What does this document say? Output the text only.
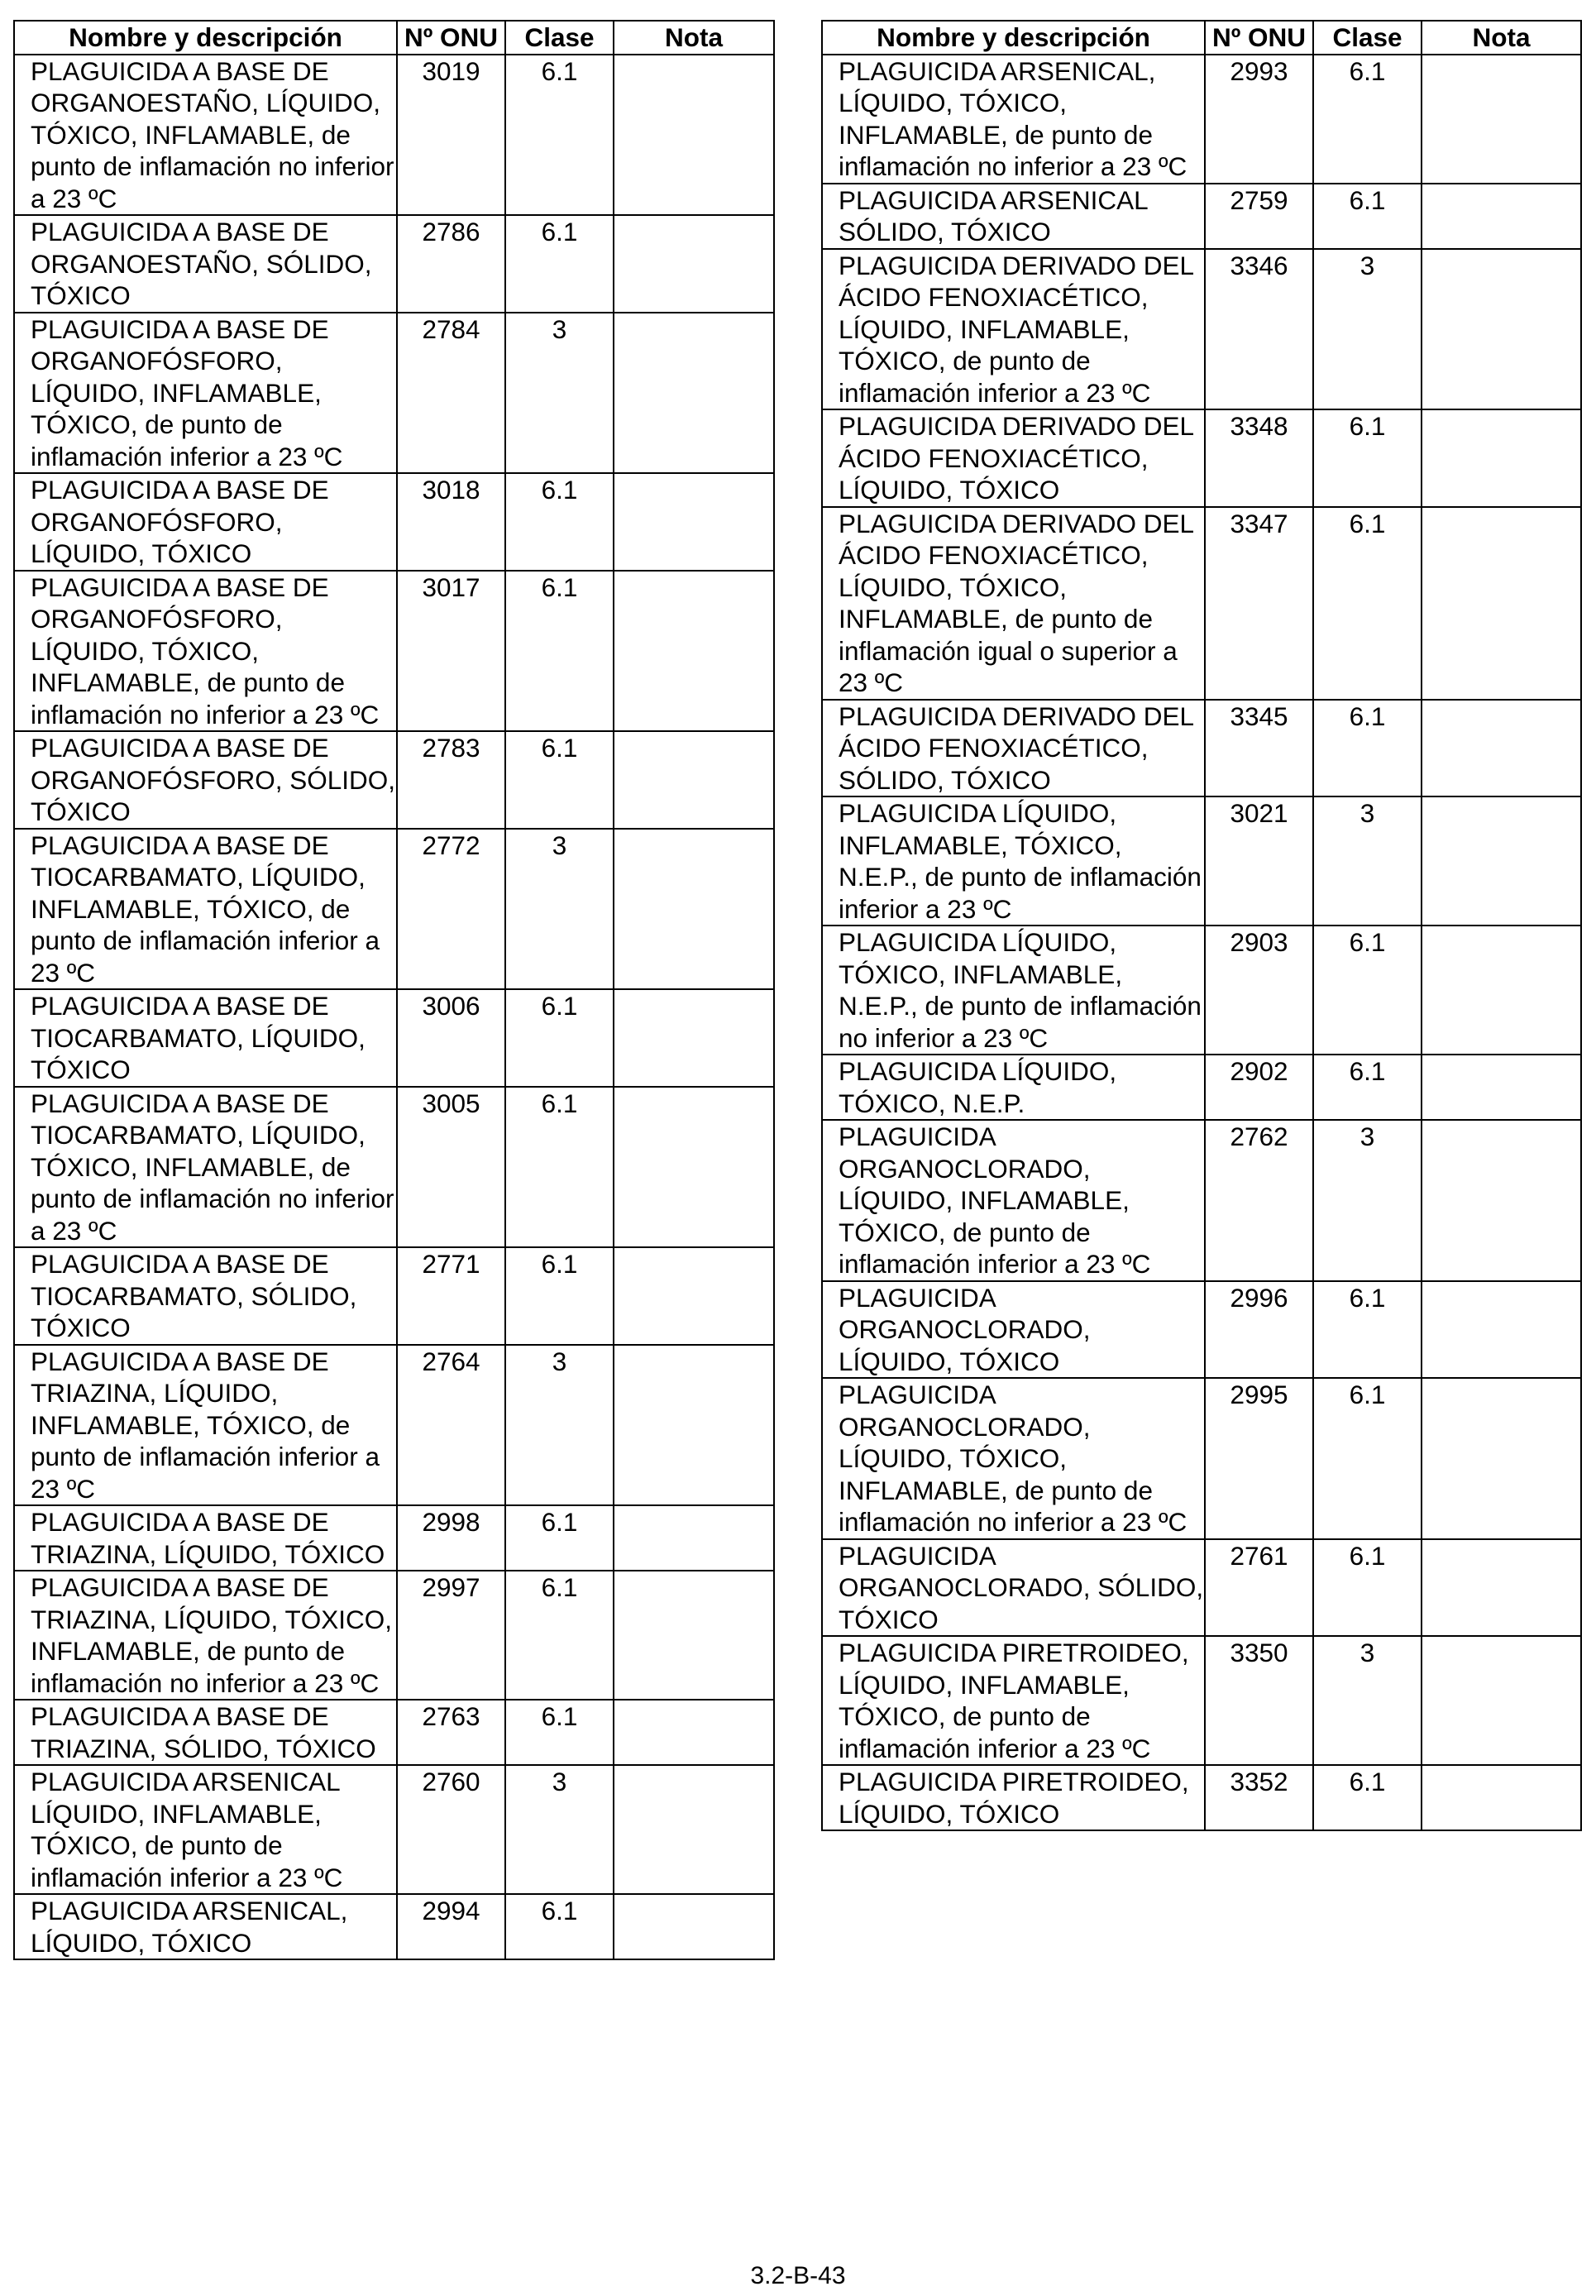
Nombre y descripción	Nº ONU	Clase	Nota
PLAGUICIDA A BASE DE ORGANOESTAÑO, LÍQUIDO, TÓXICO, INFLAMABLE, de punto de inflamación no inferior a 23 ºC	3019	6.1	
PLAGUICIDA A BASE DE ORGANOESTAÑO, SÓLIDO, TÓXICO	2786	6.1	
PLAGUICIDA A BASE DE ORGANOFÓSFORO, LÍQUIDO, INFLAMABLE, TÓXICO, de punto de inflamación inferior a 23 ºC	2784	3	
PLAGUICIDA A BASE DE ORGANOFÓSFORO, LÍQUIDO, TÓXICO	3018	6.1	
PLAGUICIDA A BASE DE ORGANOFÓSFORO, LÍQUIDO, TÓXICO, INFLAMABLE, de punto de inflamación no inferior a 23 ºC	3017	6.1	
PLAGUICIDA A BASE DE ORGANOFÓSFORO, SÓLIDO, TÓXICO	2783	6.1	
PLAGUICIDA A BASE DE TIOCARBAMATO, LÍQUIDO, INFLAMABLE, TÓXICO, de punto de inflamación inferior a 23 ºC	2772	3	
PLAGUICIDA A BASE DE TIOCARBAMATO, LÍQUIDO, TÓXICO	3006	6.1	
PLAGUICIDA A BASE DE TIOCARBAMATO, LÍQUIDO, TÓXICO, INFLAMABLE, de punto de inflamación no inferior a 23 ºC	3005	6.1	
PLAGUICIDA A BASE DE TIOCARBAMATO, SÓLIDO, TÓXICO	2771	6.1	
PLAGUICIDA A BASE DE TRIAZINA, LÍQUIDO, INFLAMABLE, TÓXICO, de punto de inflamación inferior a 23 ºC	2764	3	
PLAGUICIDA A BASE DE TRIAZINA, LÍQUIDO, TÓXICO	2998	6.1	
PLAGUICIDA A BASE DE TRIAZINA, LÍQUIDO, TÓXICO, INFLAMABLE, de punto de inflamación no inferior a 23 ºC	2997	6.1	
PLAGUICIDA A BASE DE TRIAZINA, SÓLIDO, TÓXICO	2763	6.1	
PLAGUICIDA ARSENICAL LÍQUIDO, INFLAMABLE, TÓXICO, de punto de inflamación inferior a 23 ºC	2760	3	
PLAGUICIDA ARSENICAL, LÍQUIDO, TÓXICO	2994	6.1	
Nombre y descripción	Nº ONU	Clase	Nota
PLAGUICIDA ARSENICAL, LÍQUIDO, TÓXICO, INFLAMABLE, de punto de inflamación no inferior a 23 ºC	2993	6.1	
PLAGUICIDA ARSENICAL SÓLIDO, TÓXICO	2759	6.1	
PLAGUICIDA DERIVADO DEL ÁCIDO FENOXIACÉTICO, LÍQUIDO, INFLAMABLE, TÓXICO, de punto de inflamación inferior a 23 ºC	3346	3	
PLAGUICIDA DERIVADO DEL ÁCIDO FENOXIACÉTICO, LÍQUIDO, TÓXICO	3348	6.1	
PLAGUICIDA DERIVADO DEL ÁCIDO FENOXIACÉTICO, LÍQUIDO, TÓXICO, INFLAMABLE, de punto de inflamación igual o superior a 23 ºC	3347	6.1	
PLAGUICIDA DERIVADO DEL ÁCIDO FENOXIACÉTICO, SÓLIDO, TÓXICO	3345	6.1	
PLAGUICIDA LÍQUIDO, INFLAMABLE, TÓXICO, N.E.P., de punto de inflamación inferior a 23 ºC	3021	3	
PLAGUICIDA LÍQUIDO, TÓXICO, INFLAMABLE, N.E.P., de punto de inflamación no inferior a 23 ºC	2903	6.1	
PLAGUICIDA LÍQUIDO, TÓXICO, N.E.P.	2902	6.1	
PLAGUICIDA ORGANOCLORADO, LÍQUIDO, INFLAMABLE, TÓXICO, de punto de inflamación inferior a 23 ºC	2762	3	
PLAGUICIDA ORGANOCLORADO, LÍQUIDO, TÓXICO	2996	6.1	
PLAGUICIDA ORGANOCLORADO, LÍQUIDO, TÓXICO, INFLAMABLE, de punto de inflamación no inferior a 23 ºC	2995	6.1	
PLAGUICIDA ORGANOCLORADO, SÓLIDO, TÓXICO	2761	6.1	
PLAGUICIDA PIRETROIDEO, LÍQUIDO, INFLAMABLE, TÓXICO, de punto de inflamación inferior a 23 ºC	3350	3	
PLAGUICIDA PIRETROIDEO, LÍQUIDO, TÓXICO	3352	6.1	
3.2-B-43
